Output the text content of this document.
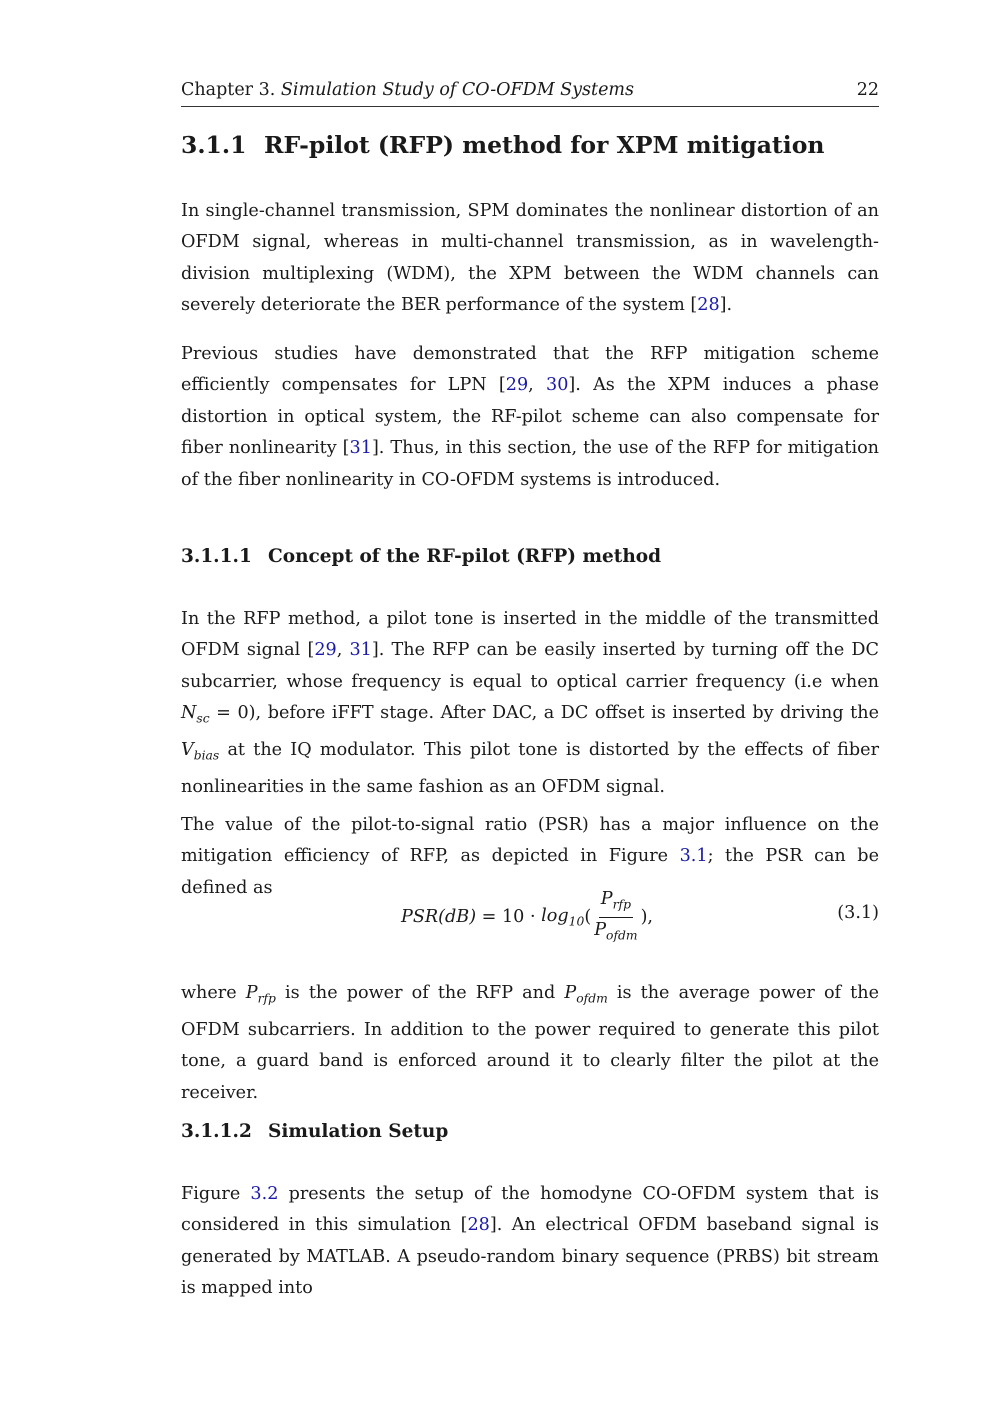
Chapter 3. Simulation Study of CO-OFDM Systems	22
3.1.1 RF-pilot (RFP) method for XPM mitigation

In single-channel transmission, SPM dominates the nonlinear distortion of an OFDM signal, whereas in multi-channel transmission, as in wavelength-division multiplexing (WDM), the XPM between the WDM channels can severely deteriorate the BER performance of the system [28].

Previous studies have demonstrated that the RFP mitigation scheme efficiently compensates for LPN [29, 30]. As the XPM induces a phase distortion in optical system, the RF-pilot scheme can also compensate for fiber nonlinearity [31]. Thus, in this section, the use of the RFP for mitigation of the fiber nonlinearity in CO-OFDM systems is introduced.

3.1.1.1 Concept of the RF-pilot (RFP) method

In the RFP method, a pilot tone is inserted in the middle of the transmitted OFDM signal [29, 31]. The RFP can be easily inserted by turning off the DC subcarrier, whose frequency is equal to optical carrier frequency (i.e when $N_{sc} = 0$), before iFFT stage. After DAC, a DC offset is inserted by driving the $V_{bias}$ at the IQ modulator. This pilot tone is distorted by the effects of fiber nonlinearities in the same fashion as an OFDM signal.

The value of the pilot-to-signal ratio (PSR) has a major influence on the mitigation efficiency of RFP, as depicted in Figure 3.1; the PSR can be defined as

$PSR(dB) = 10 \cdot \log_{10}$ ( $\frac{P_{rfp}}{P_{ofdm}}$ ),	(3.1)

where $P_{rfp}$ is the power of the RFP and $P_{ofdm}$ is the average power of the OFDM subcarriers. In addition to the power required to generate this pilot tone, a guard band is enforced around it to clearly filter the pilot at the receiver.

3.1.1.2 Simulation Setup

Figure 3.2 presents the setup of the homodyne CO-OFDM system that is considered in this simulation [28]. An electrical OFDM baseband signal is generated by MATLAB. A pseudo-random binary sequence (PRBS) bit stream is mapped into
